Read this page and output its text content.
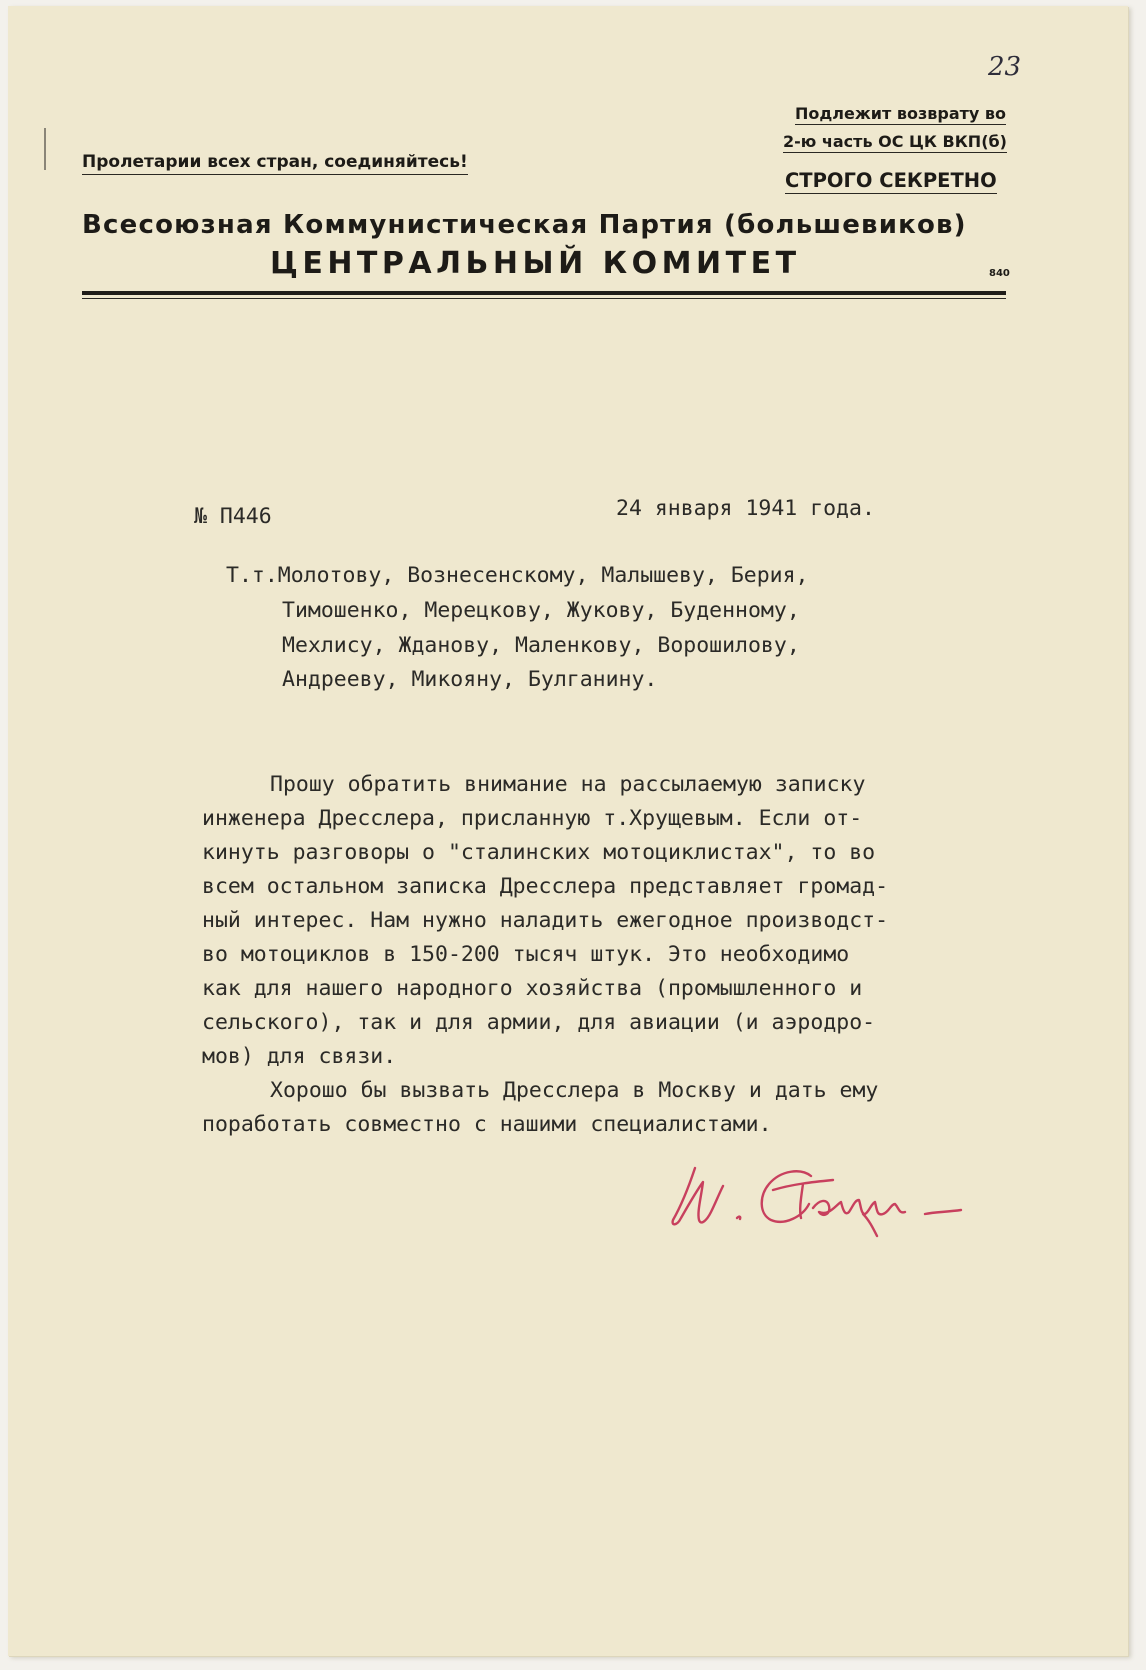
23
Пролетарии всех стран, соединяйтесь!
Подлежит возврату во
2-ю часть ОС ЦК ВКП(б)
СТРОГО СЕКРЕТНО
Всесоюзная Коммунистическая Партия (большевиков)
ЦЕНТРАЛЬНЫЙ КОМИТЕТ	840
№ П446	24 января 1941 года.
Т.т.Молотову, Вознесенскому, Малышеву, Берия,
Тимошенко, Мерецкову, Жукову, Буденному,
Мехлису, Жданову, Маленкову, Ворошилову,
Андрееву, Микояну, Булганину.
Прошу обратить внимание на рассылаемую записку
инженера Дресслера, присланную т.Хрущевым. Если от-
кинуть разговоры о "сталинских мотоциклистах", то во
всем остальном записка Дресслера представляет громад-
ный интерес. Нам нужно наладить ежегодное производст-
во мотоциклов в 150-200 тысяч штук. Это необходимо
как для нашего народного хозяйства (промышленного и
сельского), так и для армии, для авиации (и аэродро-
мов) для связи.
Хорошо бы вызвать Дресслера в Москву и дать ему
поработать совместно с нашими специалистами.
